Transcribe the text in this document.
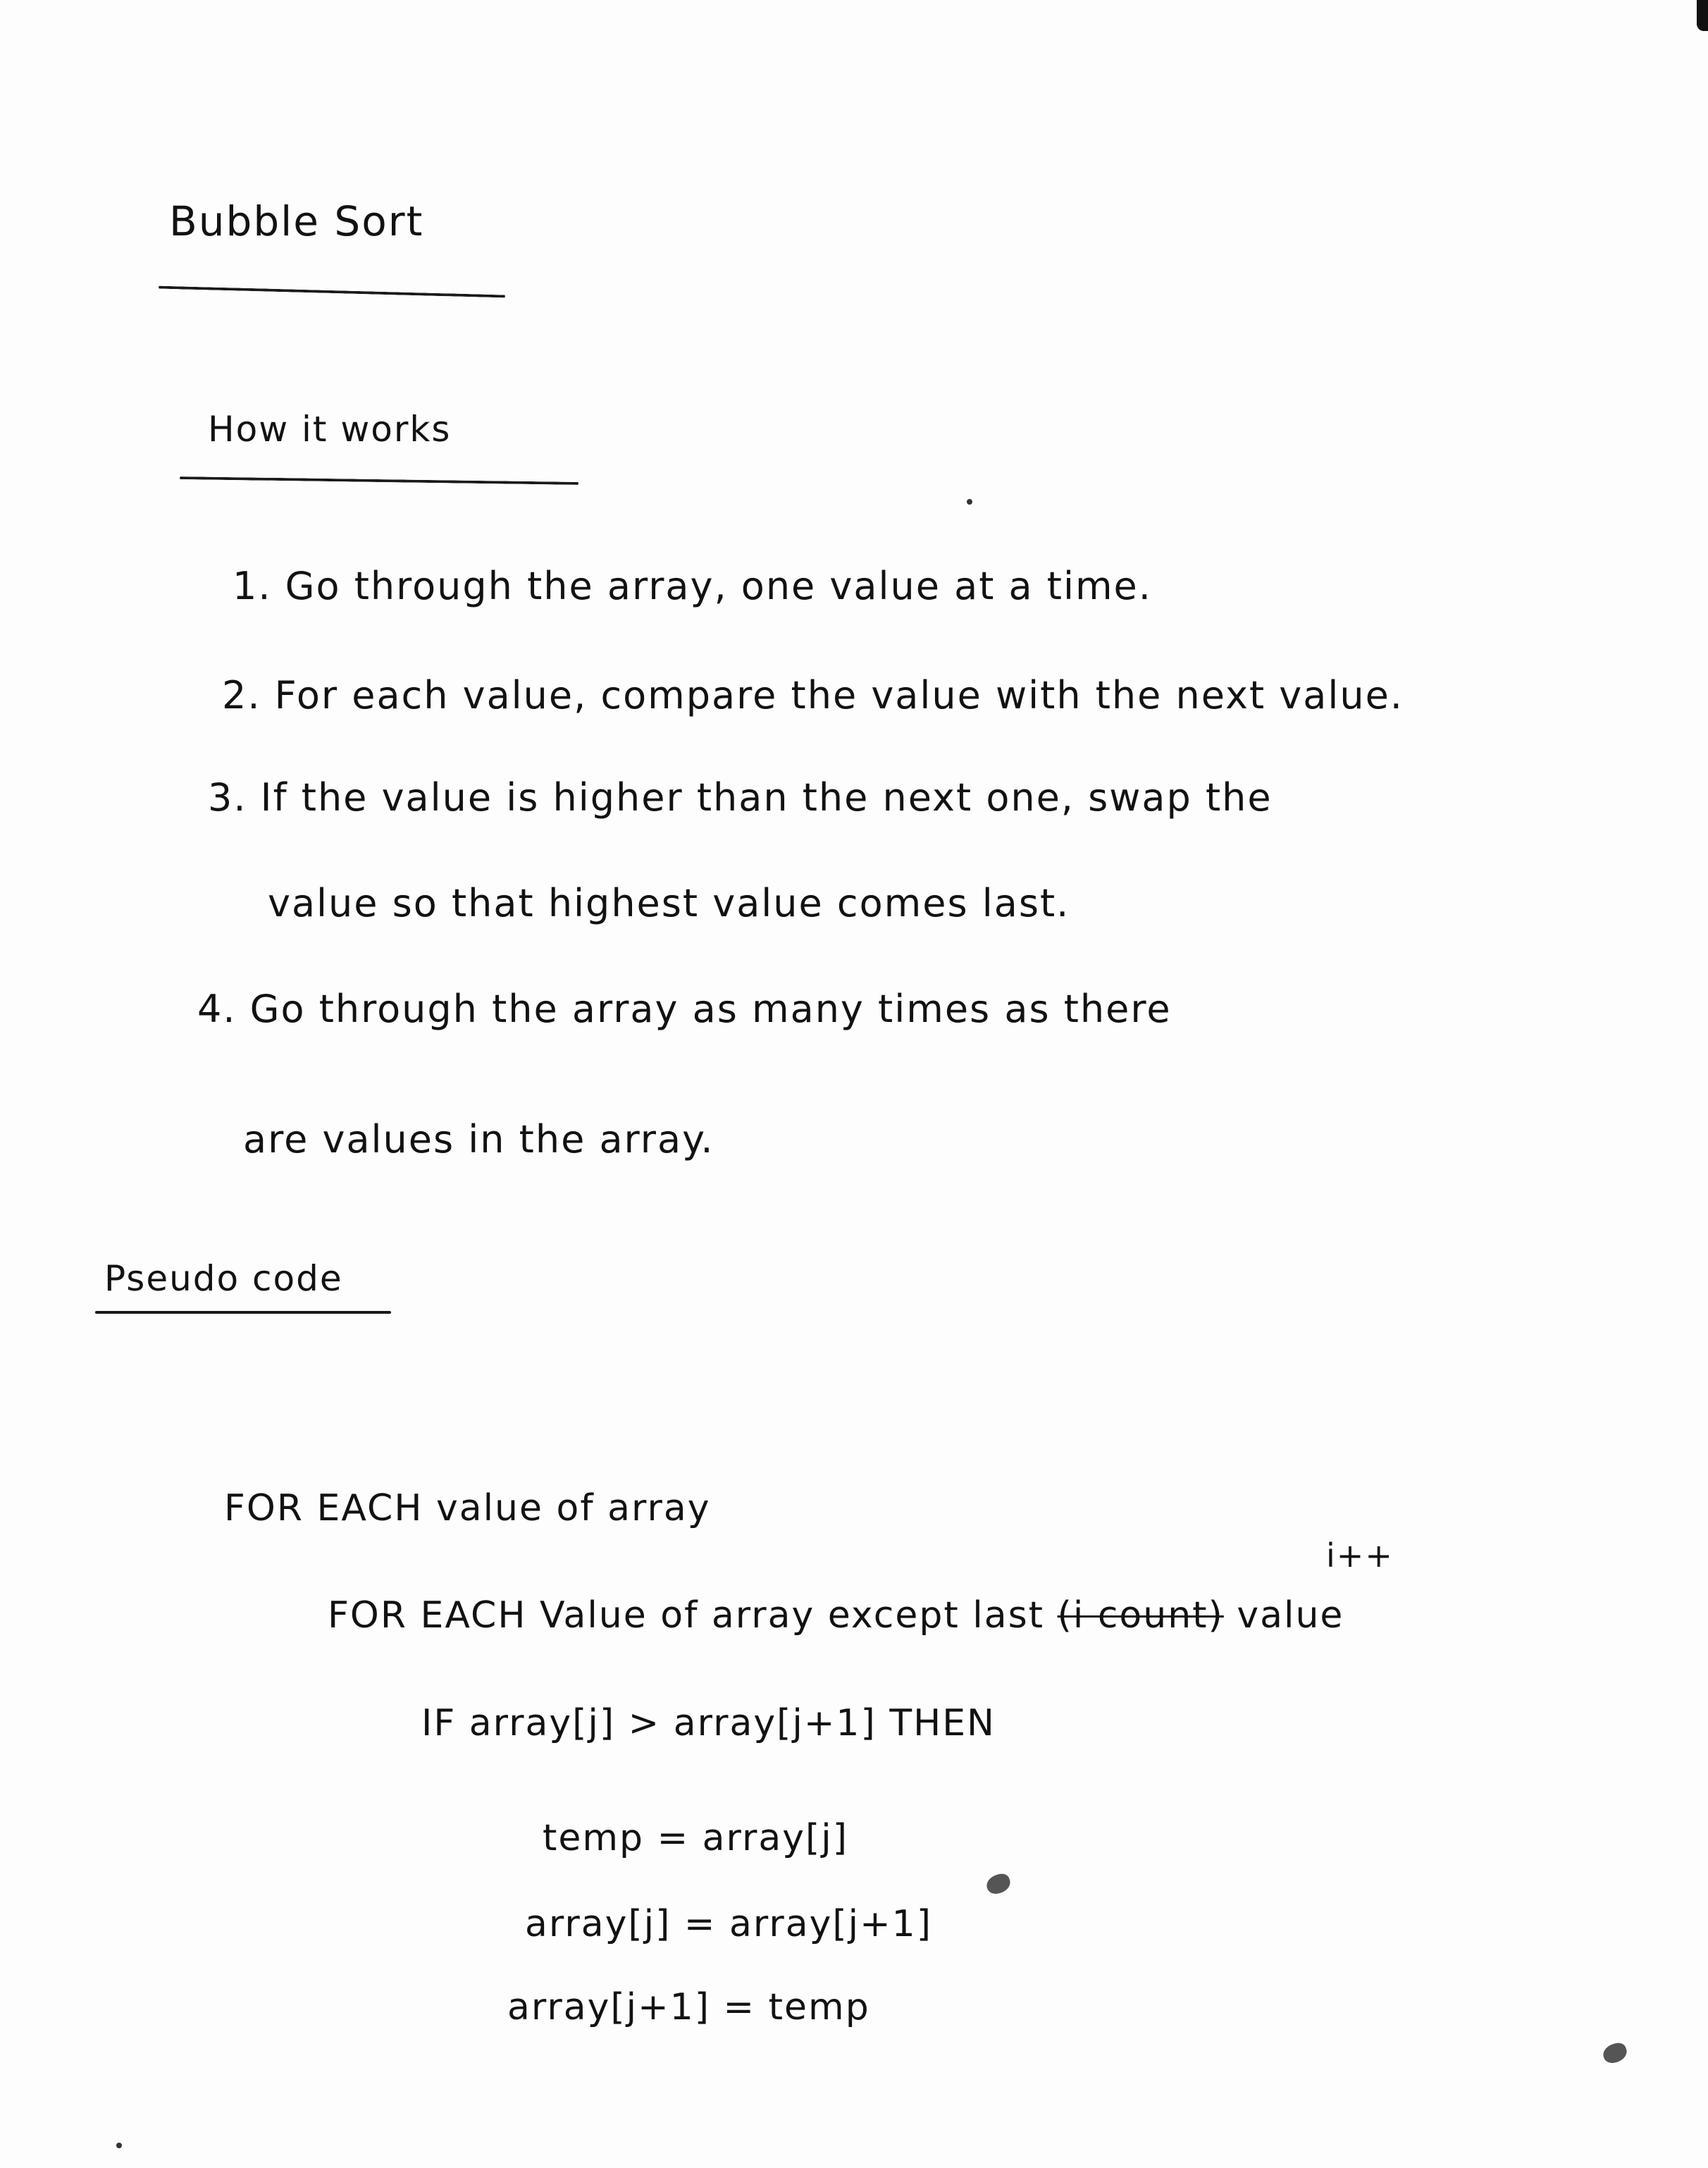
Bubble Sort
How it works
1. Go through the array, one value at a time.
2. For each value, compare the value with the next value.
3. If the value is higher than the next one, swap the
value so that highest value comes last.
4. Go through the array as many times as there
are values in the array.
Pseudo code
FOR EACH value of array
i++
FOR EACH Value of array except last (i count) value
IF array[j] > array[j+1] THEN
temp = array[j]
array[j] = array[j+1]
array[j+1] = temp
